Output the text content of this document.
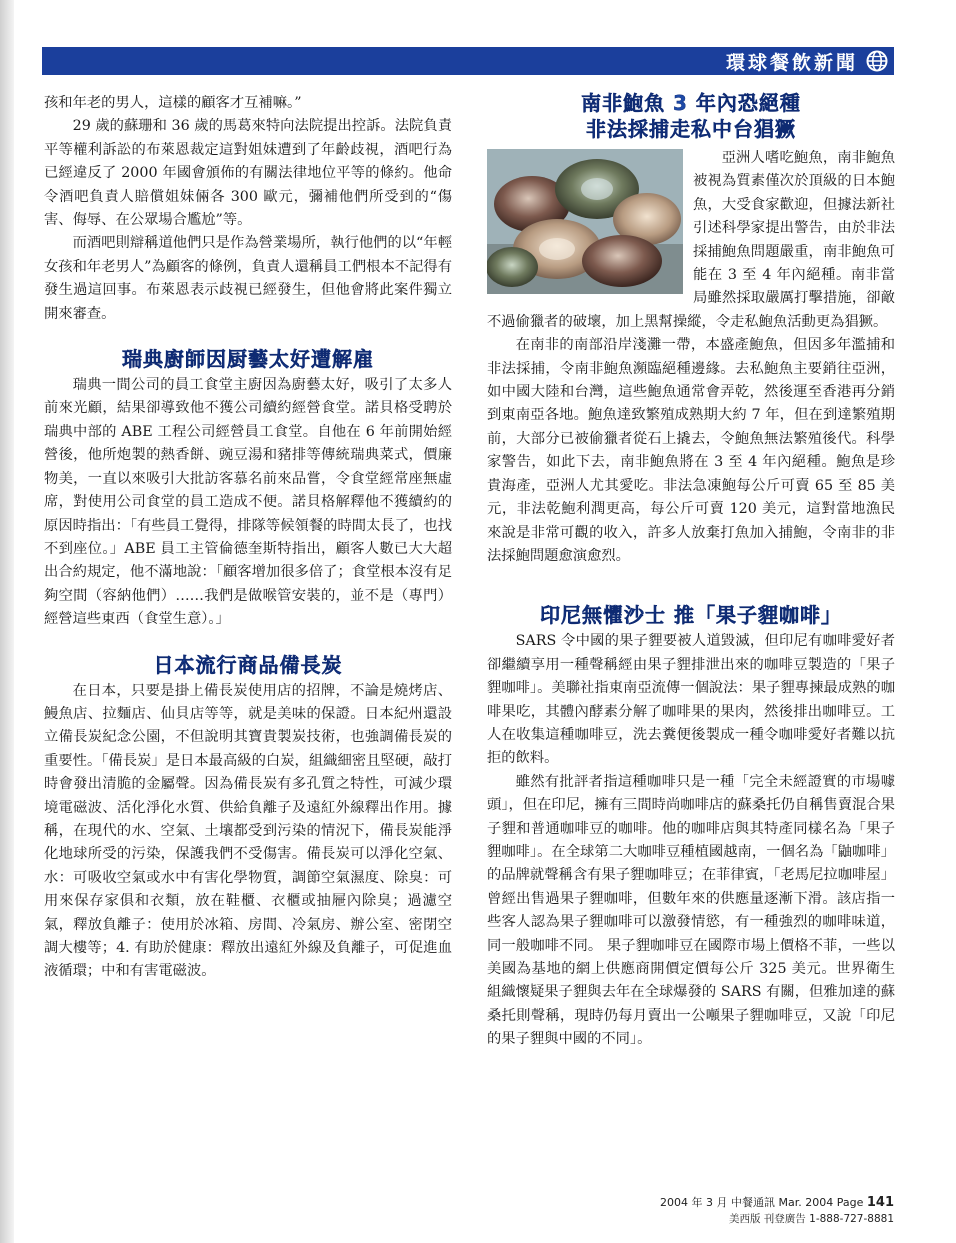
環球餐飲新聞

孩和年老的男人，這樣的顧客才互補嘛。”

29 歲的蘇珊和 36 歲的馬葛來特向法院提出控訴。法院負責平等權利訴訟的布萊恩裁定這對姐妹遭到了年齡歧視，酒吧行為已經違反了 2000 年國會頒佈的有關法律地位平等的條約。他命令酒吧負責人賠償姐妹倆各 300 歐元，彌補他們所受到的“傷害、侮辱、在公眾場合尷尬”等。

而酒吧則辯稱道他們只是作為營業場所，執行他們的以“年輕女孩和年老男人”為顧客的條例，負責人還稱員工們根本不記得有發生過這回事。布萊恩表示歧視已經發生，但他會將此案件獨立開來審查。

瑞典廚師因厨藝太好遭解雇

瑞典一間公司的員工食堂主廚因為廚藝太好，吸引了太多人前來光顧，結果卻導致他不獲公司續約經營食堂。諾貝格受聘於瑞典中部的 ABE 工程公司經營員工食堂。自他在 6 年前開始經營後，他所炮製的熱香餅、豌豆湯和豬排等傳統瑞典菜式，價廉物美，一直以來吸引大批訪客慕名前來品嘗，令食堂經常座無虛席，對使用公司食堂的員工造成不便。諾貝格解釋他不獲續約的原因時指出：「有些員工覺得，排隊等候領餐的時間太長了，也找不到座位。」ABE 員工主管倫德奎斯特指出，顧客人數已大大超出合約規定，他不滿地說：「顧客增加很多倍了；食堂根本沒有足夠空間（容納他們）……我們是做喉管安裝的，並不是（專門）經營這些東西（食堂生意）。」

日本流行商品備長炭

在日本，只要是掛上備長炭使用店的招牌，不論是燒烤店、鰻魚店、拉麵店、仙貝店等等，就是美味的保證。日本紀州還設立備長炭紀念公園，不但說明其寶貴製炭技術，也強調備長炭的重要性。「備長炭」是日本最高級的白炭，組織細密且堅硬，敲打時會發出清脆的金屬聲。因為備長炭有多孔質之特性，可減少環境電磁波、活化淨化水質、供給負離子及遠紅外線釋出作用。據稱，在現代的水、空氣、土壤都受到污染的情況下，備長炭能淨化地球所受的污染，保護我們不受傷害。備長炭可以淨化空氣、水：可吸收空氣或水中有害化學物質，調節空氣濕度、除臭：可用來保存家俱和衣類，放在鞋櫃、衣櫃或抽屜內除臭；過濾空氣，釋放負離子：使用於冰箱、房間、冷氣房、辦公室、密閉空調大樓等；4. 有助於健康：釋放出遠紅外線及負離子，可促進血液循環；中和有害電磁波。

南非鮑魚 3 年內恐絕種
非法採捕走私中台猖獗

亞洲人嗜吃鮑魚，南非鮑魚被視為質素僅次於頂級的日本鮑魚，大受食家歡迎，但據法新社引述科學家提出警告，由於非法採捕鮑魚問題嚴重，南非鮑魚可能在 3 至 4 年內絕種。南非當局雖然採取嚴厲打擊措施，卻敵不過偷獵者的破壞，加上黑幫操縱，令走私鮑魚活動更為猖獗。

在南非的南部沿岸淺灘一帶，本盛產鮑魚，但因多年濫捕和非法採捕，令南非鮑魚瀕臨絕種邊緣。去私鮑魚主要銷往亞洲，如中國大陸和台灣，這些鮑魚通常會弄乾，然後運至香港再分銷到東南亞各地。鮑魚達致繁殖成熟期大約 7 年，但在到達繁殖期前，大部分已被偷獵者從石上撬去，令鮑魚無法繁殖後代。科學家警告，如此下去，南非鮑魚將在 3 至 4 年內絕種。鮑魚是珍貴海產，亞洲人尤其愛吃。非法急凍鮑每公斤可賣 65 至 85 美元，非法乾鮑利潤更高，每公斤可賣 120 美元，這對當地漁民來說是非常可觀的收入，許多人放棄打魚加入捕鮑，令南非的非法採鮑問題愈演愈烈。

印尼無懼沙士 推「果子貍咖啡」

SARS 令中國的果子貍要被人道毀滅，但印尼有咖啡愛好者卻繼續享用一種聲稱經由果子貍排泄出來的咖啡豆製造的「果子貍咖啡」。美聯社指東南亞流傳一個說法：果子貍專揀最成熟的咖啡果吃，其體內酵素分解了咖啡果的果肉，然後排出咖啡豆。工人在收集這種咖啡豆，洗去糞便後製成一種令咖啡愛好者難以抗拒的飲料。

雖然有批評者指這種咖啡只是一種「完全未經證實的市場噱頭」，但在印尼，擁有三間時尚咖啡店的蘇桑托仍自稱售賣混合果子貍和普通咖啡豆的咖啡。他的咖啡店與其特產同樣名為「果子貍咖啡」。在全球第二大咖啡豆種植國越南，一個名為「鼬咖啡」的品牌就聲稱含有果子貍咖啡豆；在菲律賓，「老馬尼拉咖啡屋」曾經出售過果子貍咖啡，但數年來的供應量逐漸下滑。該店指一些客人認為果子貍咖啡可以激發情慾，有一種強烈的咖啡味道，同一般咖啡不同。 果子貍咖啡豆在國際市場上價格不菲，一些以美國為基地的網上供應商開價定價每公斤 325 美元。世界衛生組織懷疑果子貍與去年在全球爆發的 SARS 有關，但雅加達的蘇桑托則聲稱，現時仍每月賣出一公噸果子貍咖啡豆，又說「印尼的果子貍與中國的不同」。

2004 年 3 月 中餐通訊 Mar. 2004 Page 141
美西版 刊登廣告 1-888-727-8881
